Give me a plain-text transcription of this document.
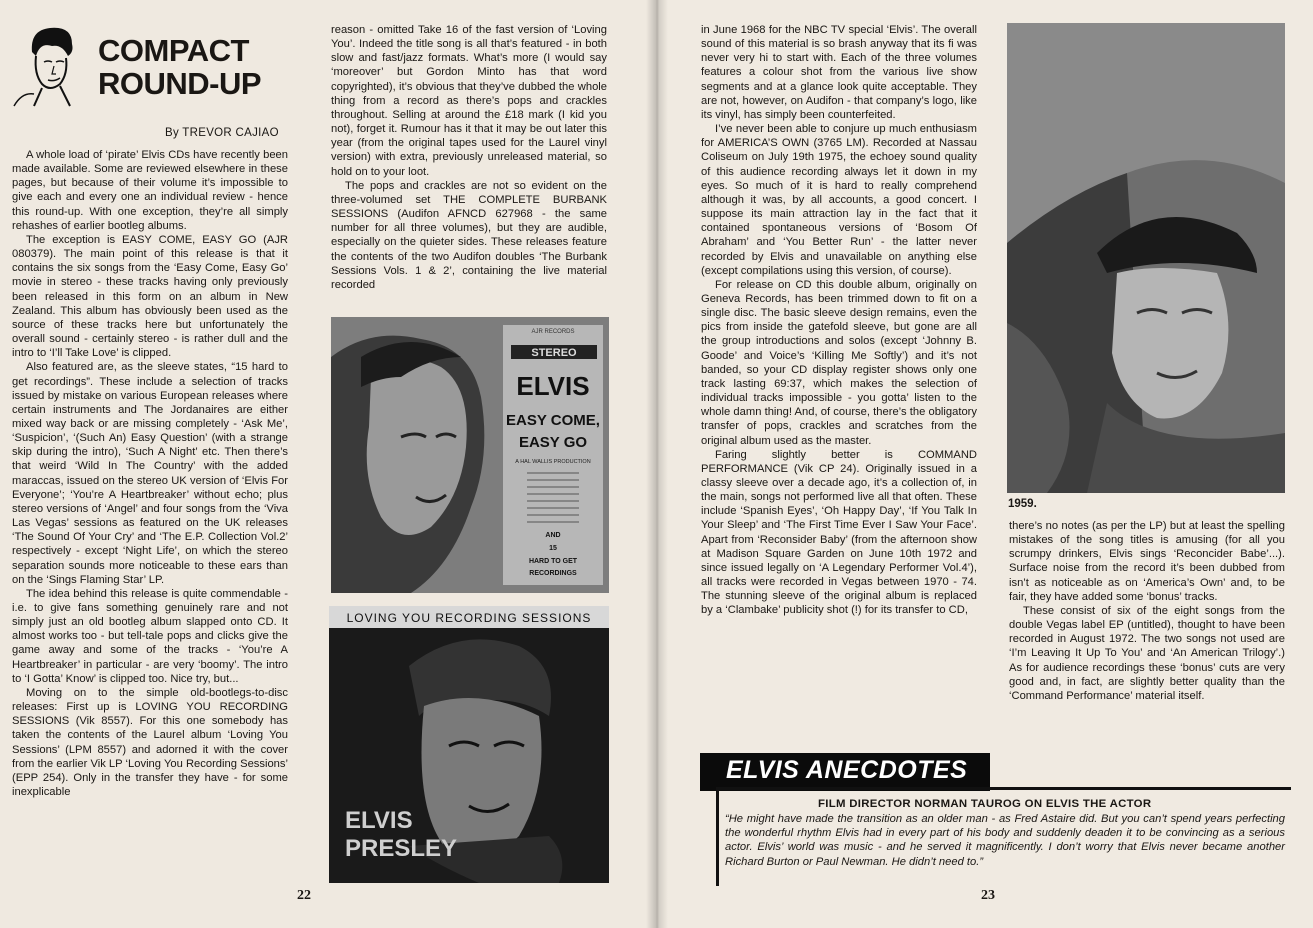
COMPACT
ROUND-UP
By TREVOR CAJIAO

A whole load of ‘pirate’ Elvis CDs have recently been made available. Some are reviewed elsewhere in these pages, but because of their volume it’s impossible to give each and every one an individual review - hence this round-up. With one exception, they’re all simply rehashes of earlier bootleg albums.

The exception is EASY COME, EASY GO (AJR 080379). The main point of this release is that it contains the six songs from the ‘Easy Come, Easy Go’ movie in stereo - these tracks having only previously been released in this form on an album in New Zealand. This album has obviously been used as the source of these tracks here but unfortunately the overall sound - certainly stereo - is rather dull and the intro to ‘I’ll Take Love’ is clipped.

Also featured are, as the sleeve states, “15 hard to get recordings”. These include a selection of tracks issued by mistake on various European releases where certain instruments and The Jordanaires are either mixed way back or are missing completely - ‘Ask Me’, ‘Suspicion’, ‘(Such An) Easy Question’ (with a strange skip during the intro), ‘Such A Night’ etc. Then there’s that weird ‘Wild In The Country’ with the added maraccas, issued on the stereo UK version of ‘Elvis For Everyone’; ‘You’re A Heartbreaker’ without echo; plus stereo versions of ‘Angel’ and four songs from the ‘Viva Las Vegas’ sessions as featured on the UK releases ‘The Sound Of Your Cry’ and ‘The E.P. Collection Vol.2’ respectively - except ‘Night Life’, on which the stereo separation sounds more noticeable to these ears than on the ‘Sings Flaming Star’ LP.

The idea behind this release is quite commendable - i.e. to give fans something genuinely rare and not simply just an old bootleg album slapped onto CD. It almost works too - but tell-tale pops and clicks give the game away and some of the tracks - ‘You’re A Heartbreaker’ in particular - are very ‘boomy’. The intro to ‘I Gotta’ Know’ is clipped too. Nice try, but...

Moving on to the simple old-bootlegs-to-disc releases: First up is LOVING YOU RECORDING SESSIONS (Vik 8557). For this one somebody has taken the contents of the Laurel album ‘Loving You Sessions’ (LPM 8557) and adorned it with the cover from the earlier Vik LP ‘Loving You Recording Sessions’ (EPP 254). Only in the transfer they have - for some inexplicable

reason - omitted Take 16 of the fast version of ‘Loving You’. Indeed the title song is all that’s featured - in both slow and fast/jazz formats. What’s more (I would say ‘moreover’ but Gordon Minto has that word copyrighted), it’s obvious that they’ve dubbed the whole thing from a record as there’s pops and crackles throughout. Selling at around the £18 mark (I kid you not), forget it. Rumour has it that it may be out later this year (from the original tapes used for the Laurel vinyl version) with extra, previously unreleased material, so hold on to your loot.

The pops and crackles are not so evident on the three-volumed set THE COMPLETE BURBANK SESSIONS (Audifon AFNCD 627968 - the same number for all three volumes), but they are audible, especially on the quieter sides. These releases feature the contents of the two Audifon doubles ‘The Burbank Sessions Vols. 1 & 2’, containing the live material recorded

STEREO
AJR RECORDS
ELVIS
EASY COME,
EASY GO
A HAL WALLIS PRODUCTION
AND
15
HARD TO GET
RECORDINGS
LOVING YOU RECORDING SESSIONS
ELVIS
PRESLEY
22	23

in June 1968 for the NBC TV special ‘Elvis’. The overall sound of this material is so brash anyway that its fi was never very hi to start with. Each of the three volumes features a colour shot from the various live show segments and at a glance look quite acceptable. They are not, however, on Audifon - that company’s logo, like its vinyl, has simply been counterfeited.

I’ve never been able to conjure up much enthusiasm for AMERICA’S OWN (3765 LM). Recorded at Nassau Coliseum on July 19th 1975, the echoey sound quality of this audience recording always let it down in my eyes. So much of it is hard to really comprehend although it was, by all accounts, a good concert. I suppose its main attraction lay in the fact that it contained spontaneous versions of ‘Bosom Of Abraham’ and ‘You Better Run’ - the latter never recorded by Elvis and unavailable on anything else (except compilations using this version, of course).

For release on CD this double album, originally on Geneva Records, has been trimmed down to fit on a single disc. The basic sleeve design remains, even the pics from inside the gatefold sleeve, but gone are all the group introductions and solos (except ‘Johnny B. Goode’ and Voice’s ‘Killing Me Softly’) and it’s not banded, so your CD display register shows only one track lasting 69:37, which makes the selection of individual tracks impossible - you gotta’ listen to the whole damn thing! And, of course, there’s the obligatory transfer of pops, crackles and scratches from the original album used as the master.

Faring slightly better is COMMAND PERFORMANCE (Vik CP 24). Originally issued in a classy sleeve over a decade ago, it’s a collection of, in the main, songs not performed live all that often. These include ‘Spanish Eyes’, ‘Oh Happy Day’, ‘If You Talk In Your Sleep’ and ‘The First Time Ever I Saw Your Face’. Apart from ‘Reconsider Baby’ (from the afternoon show at Madison Square Garden on June 10th 1972 and since issued legally on ‘A Legendary Performer Vol.4’), all tracks were recorded in Vegas between 1970 - 74. The stunning sleeve of the original album is replaced by a ‘Clambake’ publicity shot (!) for its transfer to CD,

1959.

there’s no notes (as per the LP) but at least the spelling mistakes of the song titles is amusing (for all you scrumpy drinkers, Elvis sings ‘Reconcider Babe’...). Surface noise from the record it’s been dubbed from isn’t as noticeable as on ‘America’s Own’ and, to be fair, they have added some ‘bonus’ tracks.

These consist of six of the eight songs from the double Vegas label EP (untitled), thought to have been recorded in August 1972. The two songs not used are ‘I’m Leaving It Up To You’ and ‘An American Trilogy’.) As for audience recordings these ‘bonus’ cuts are very good and, in fact, are slightly better quality than the ‘Command Performance’ material itself.

ELVIS ANECDOTES
FILM DIRECTOR NORMAN TAUROG ON ELVIS THE ACTOR
“He might have made the transition as an older man - as Fred Astaire did. But you can’t spend years perfecting the wonderful rhythm Elvis had in every part of his body and suddenly deaden it to be convincing as a serious actor. Elvis’ world was music - and he served it magnificently. I don’t worry that Elvis never became another Richard Burton or Paul Newman. He didn’t need to.”
